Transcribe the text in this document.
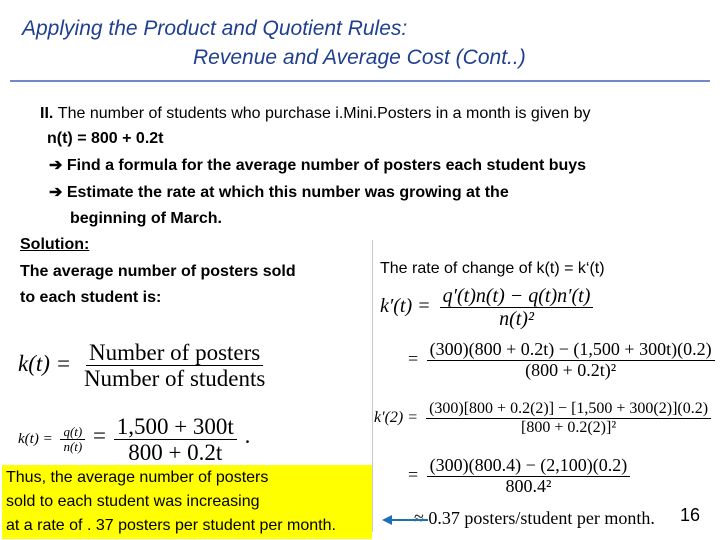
Applying the Product and Quotient Rules:
Revenue and Average Cost (Cont..)
II. The number of students who purchase i.Mini.Posters in a month is given by
n(t) = 800 + 0.2t
➔ Find a formula for the average number of posters each student buys
➔ Estimate the rate at which this number was growing at the
beginning of March.
Solution:
The average number of posters sold
to each student is:
$k(t) = \frac{\text{Number of posters}}{\text{Number of students}}$
$k(t) = \frac{q(t)}{n(t)} = \frac{1,500 + 300t}{800 + 0.2t}$ .
The rate of change of k(t) = k‘(t)
$k'(t) = \frac{q'(t)n(t) - q(t)n'(t)}{\text{n(t)²}}$
= $\frac{(300)(800 + 0.2t) - (1,500 + 300t)(0.2)}{\text{(800 + 0.2t)²}}$
$k'(2) = \frac{(300)[800 + 0.2(2)] - [1,500 + 300(2)](0.2)}{\text{[800 + 0.2(2)]²}}$
= $\frac{(300)(800.4) - (2,100)(0.2)}{\text{800.4²}}$
≈ 0.37 posters/student per month.
Thus, the average number of posters
sold to each student was increasing
at a rate of . 37 posters per student per month.
16
